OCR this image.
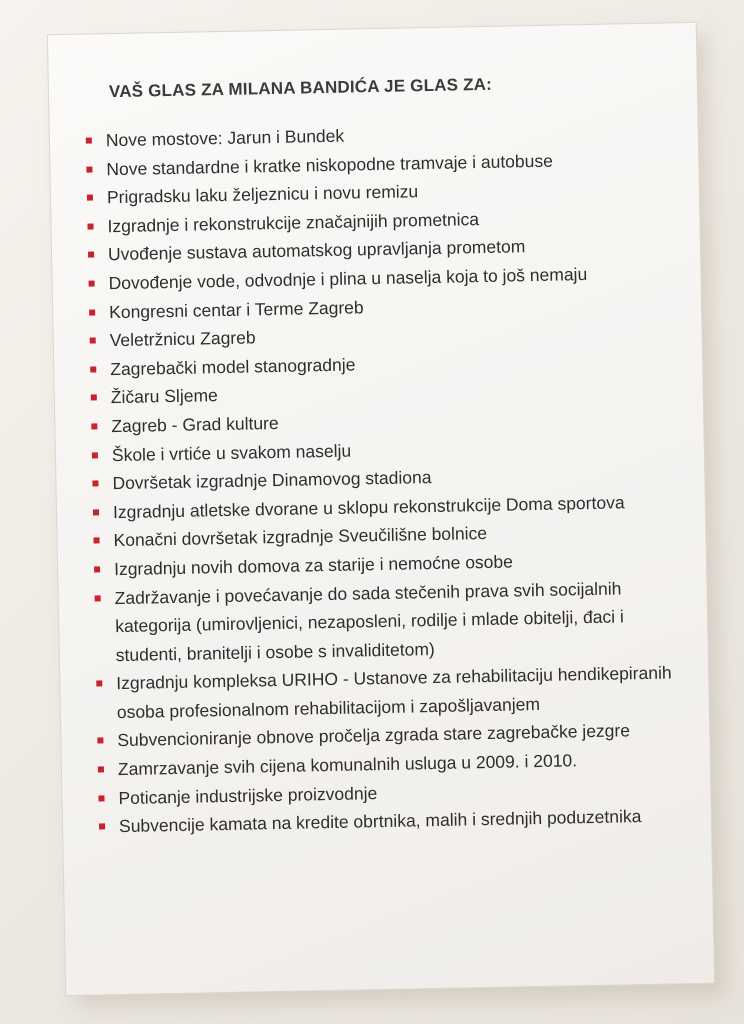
VAŠ GLAS ZA MILANA BANDIĆA JE GLAS ZA:
Nove mostove: Jarun i Bundek
Nove standardne i kratke niskopodne tramvaje i autobuse
Prigradsku laku željeznicu i novu remizu
Izgradnje i rekonstrukcije značajnijih prometnica
Uvođenje sustava automatskog upravljanja prometom
Dovođenje vode, odvodnje i plina u naselja koja to još nemaju
Kongresni centar i Terme Zagreb
Veletržnicu Zagreb
Zagrebački model stanogradnje
Žičaru Sljeme
Zagreb - Grad kulture
Škole i vrtiće u svakom naselju
Dovršetak izgradnje Dinamovog stadiona
Izgradnju atletske dvorane u sklopu rekonstrukcije Doma sportova
Konačni dovršetak izgradnje Sveučilišne bolnice
Izgradnju novih domova za starije i nemoćne osobe
Zadržavanje i povećavanje do sada stečenih prava svih socijalnih kategorija (umirovljenici, nezaposleni, rodilje i mlade obitelji, đaci i studenti, branitelji i osobe s invaliditetom)
Izgradnju kompleksa URIHO - Ustanove za rehabilitaciju hendikepiranih osoba profesionalnom rehabilitacijom i zapošljavanjem
Subvencioniranje obnove pročelja zgrada stare zagrebačke jezgre
Zamrzavanje svih cijena komunalnih usluga u 2009. i 2010.
Poticanje industrijske proizvodnje
Subvencije kamata na kredite obrtnika, malih i srednjih poduzetnika
